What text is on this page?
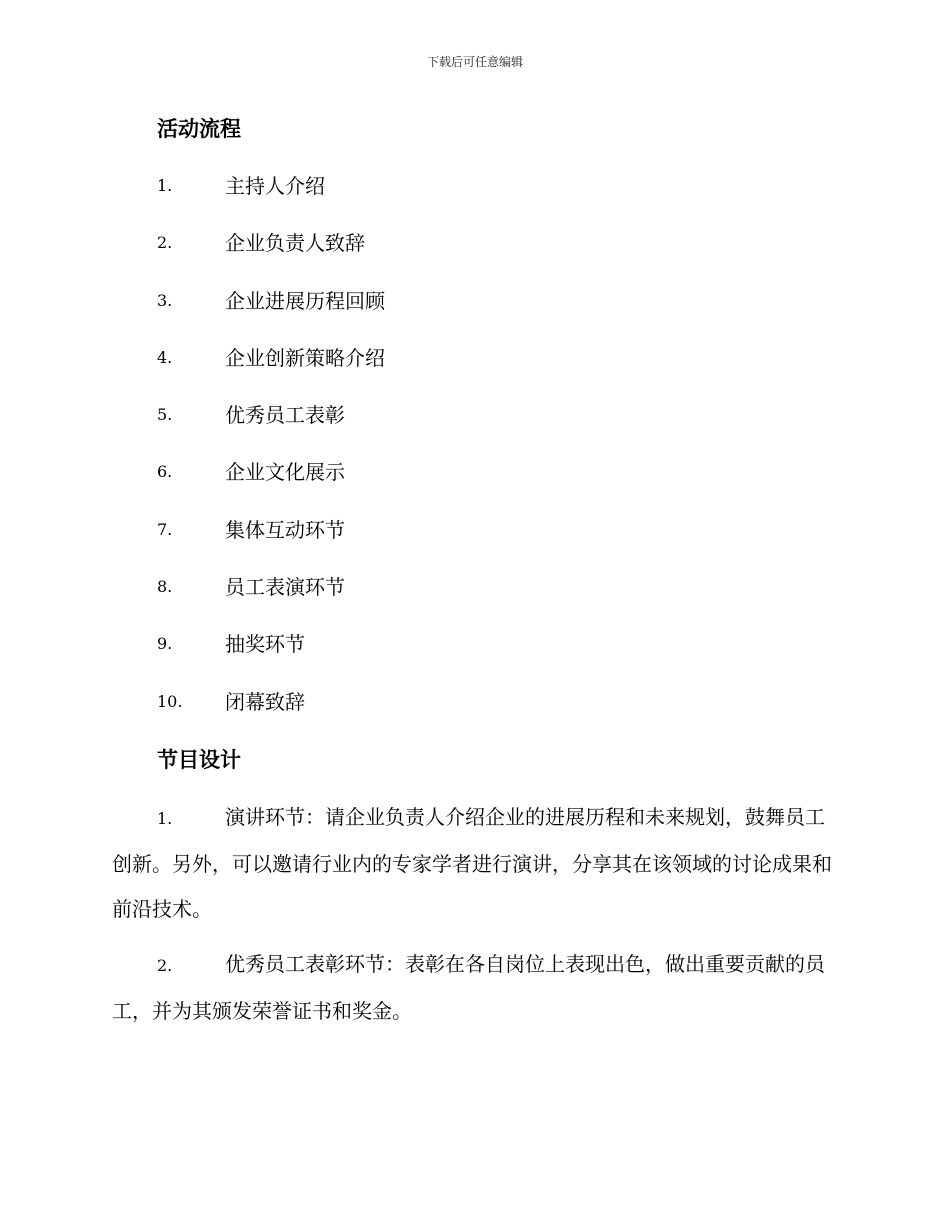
下载后可任意编辑
活动流程
1.	主持人介绍
2.	企业负责人致辞
3.	企业进展历程回顾
4.	企业创新策略介绍
5.	优秀员工表彰
6.	企业文化展示
7.	集体互动环节
8.	员工表演环节
9.	抽奖环节
10.	闭幕致辞
节目设计

1.	演讲环节：请企业负责人介绍企业的进展历程和未来规划，鼓舞员工创新。另外，可以邀请行业内的专家学者进行演讲，分享其在该领域的讨论成果和前沿技术。

2.	优秀员工表彰环节：表彰在各自岗位上表现出色，做出重要贡献的员工，并为其颁发荣誉证书和奖金。
